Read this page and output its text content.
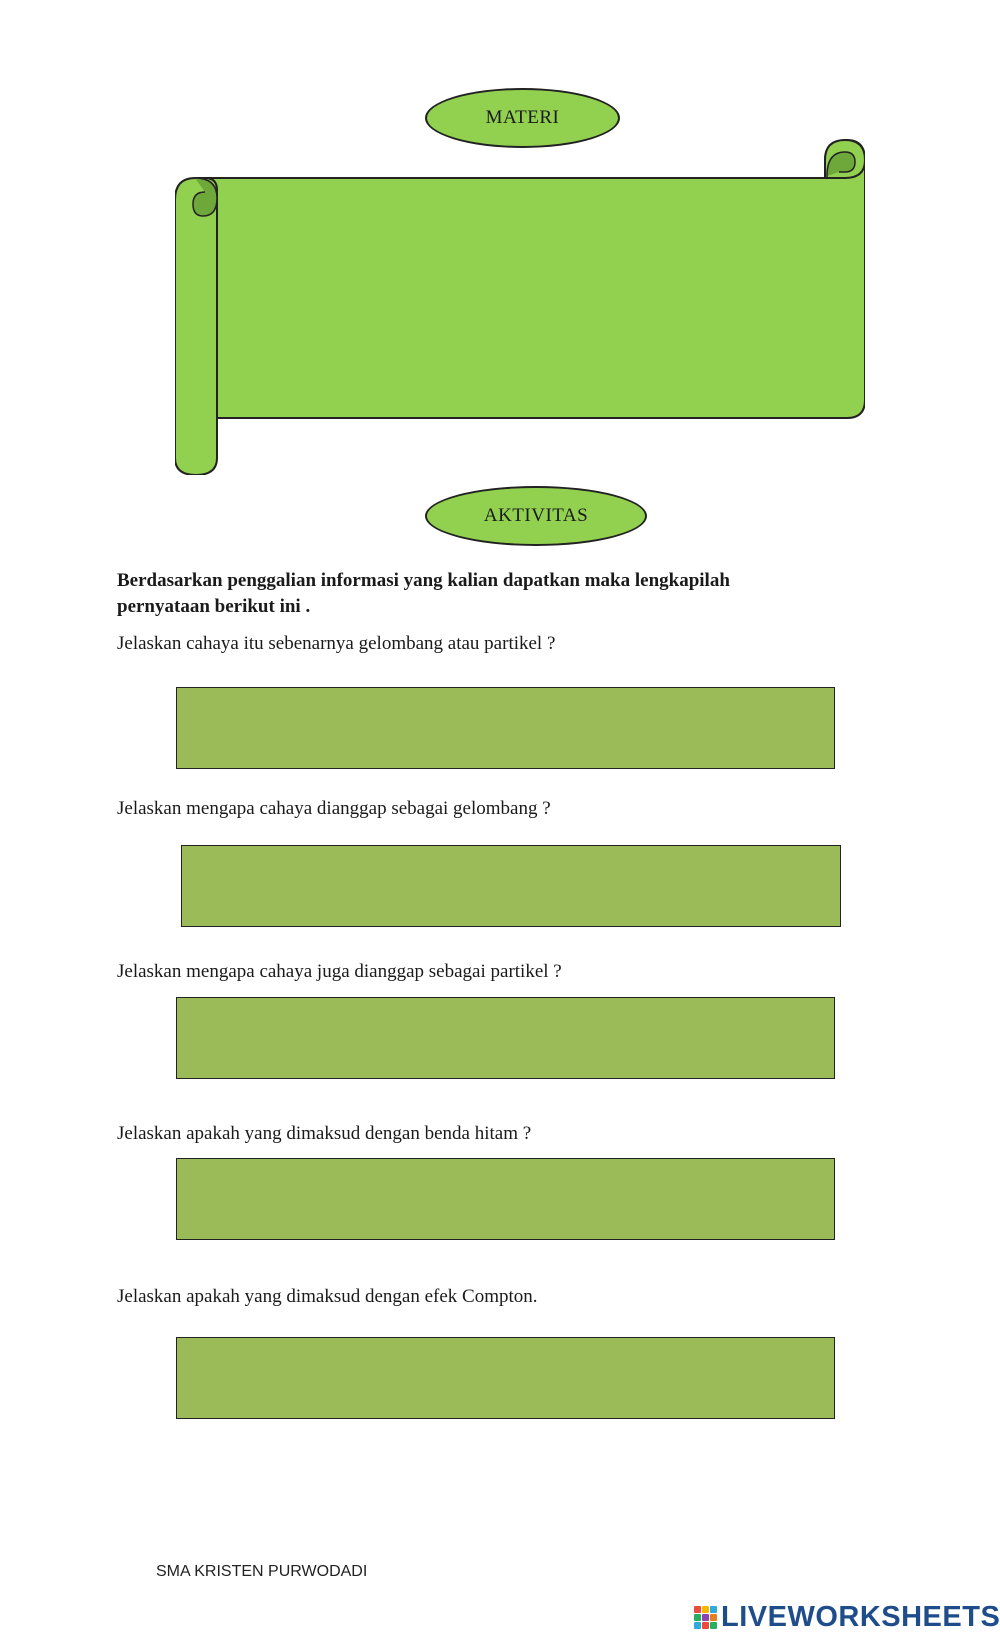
MATERI
AKTIVITAS
Berdasarkan penggalian informasi yang kalian dapatkan maka lengkapilah pernyataan berikut ini .
Jelaskan cahaya itu sebenarnya gelombang atau partikel ?
Jelaskan mengapa cahaya dianggap sebagai gelombang ?
Jelaskan mengapa cahaya juga dianggap sebagai partikel ?
Jelaskan apakah yang dimaksud dengan benda hitam ?
Jelaskan apakah yang dimaksud dengan efek Compton.
SMA KRISTEN PURWODADI
LIVEWORKSHEETS
